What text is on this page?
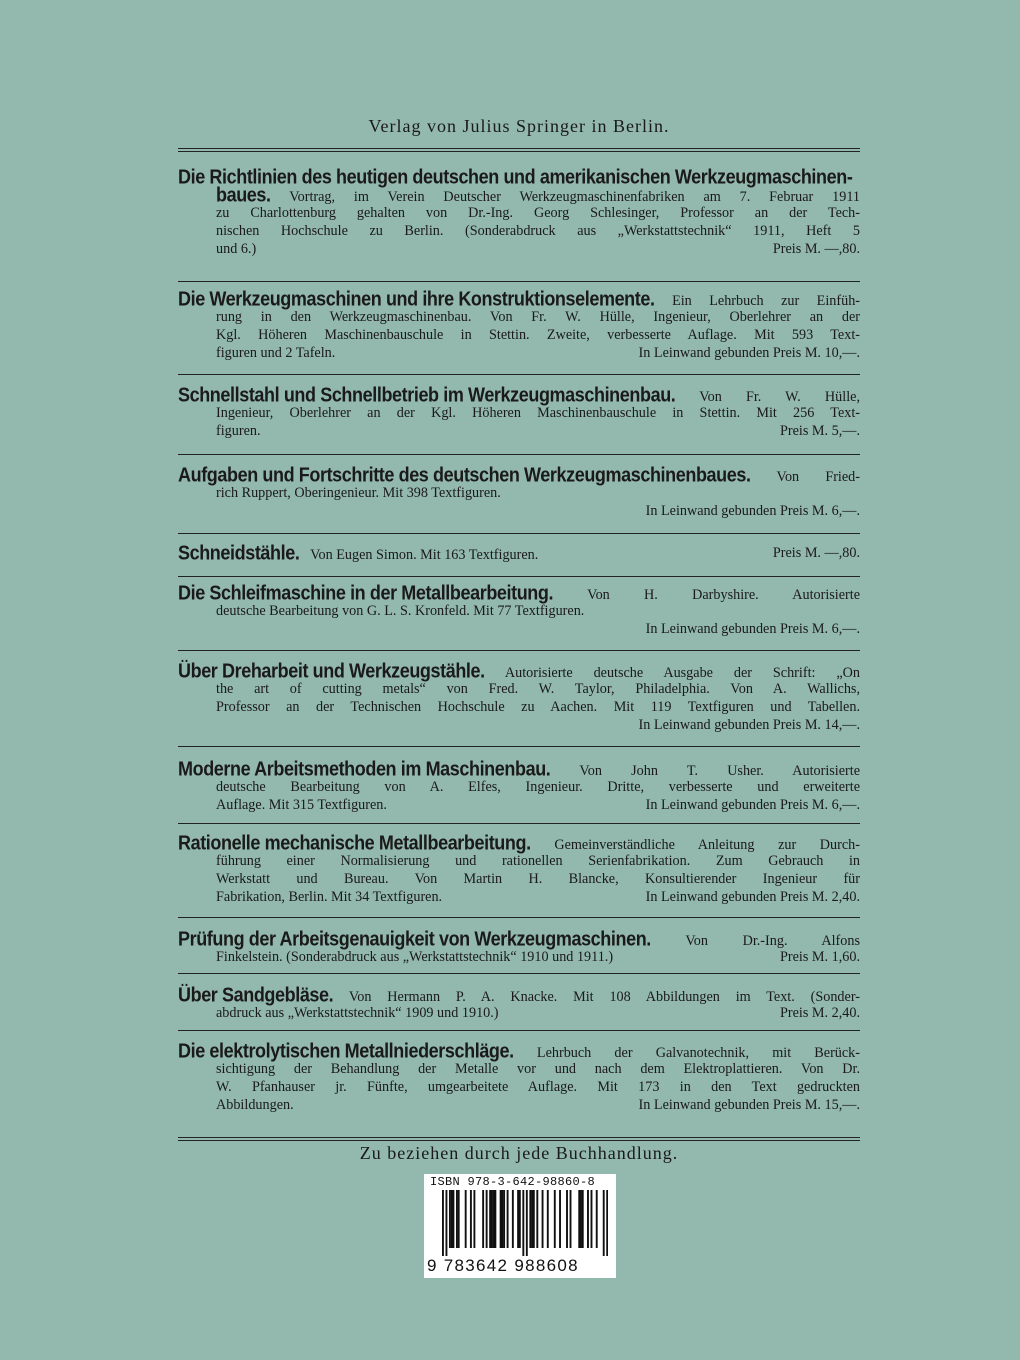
Verlag von Julius Springer in Berlin.
Die Richtlinien des heutigen deutschen und amerikanischen Werkzeugmaschinen-
baues. Vortrag, im Verein Deutscher Werkzeugmaschinenfabriken am 7. Februar 1911
zu Charlottenburg gehalten von Dr.-Ing. Georg Schlesinger, Professor an der Tech-
nischen Hochschule zu Berlin. (Sonderabdruck aus „Werkstattstechnik“ 1911, Heft 5
und 6.)	Preis M. —,80.
Die Werkzeugmaschinen und ihre Konstruktionselemente. Ein Lehrbuch zur Einfüh-
rung in den Werkzeugmaschinenbau. Von Fr. W. Hülle, Ingenieur, Oberlehrer an der
Kgl. Höheren Maschinenbauschule in Stettin. Zweite, verbesserte Auflage. Mit 593 Text-
figuren und 2 Tafeln.	In Leinwand gebunden Preis M. 10,—.
Schnellstahl und Schnellbetrieb im Werkzeugmaschinenbau. Von Fr. W. Hülle,
Ingenieur, Oberlehrer an der Kgl. Höheren Maschinenbauschule in Stettin. Mit 256 Text-
figuren.	Preis M. 5,—.
Aufgaben und Fortschritte des deutschen Werkzeugmaschinenbaues. Von Fried-
rich Ruppert, Oberingenieur. Mit 398 Textfiguren.
In Leinwand gebunden Preis M. 6,—.
Schneidstähle. Von Eugen Simon. Mit 163 Textfiguren.	Preis M. —,80.
Die Schleifmaschine in der Metallbearbeitung. Von H. Darbyshire. Autorisierte
deutsche Bearbeitung von G. L. S. Kronfeld. Mit 77 Textfiguren.
In Leinwand gebunden Preis M. 6,—.
Über Dreharbeit und Werkzeugstähle. Autorisierte deutsche Ausgabe der Schrift: „On
the art of cutting metals“ von Fred. W. Taylor, Philadelphia. Von A. Wallichs,
Professor an der Technischen Hochschule zu Aachen. Mit 119 Textfiguren und Tabellen.
In Leinwand gebunden Preis M. 14,—.
Moderne Arbeitsmethoden im Maschinenbau. Von John T. Usher. Autorisierte
deutsche Bearbeitung von A. Elfes, Ingenieur. Dritte, verbesserte und erweiterte
Auflage. Mit 315 Textfiguren.	In Leinwand gebunden Preis M. 6,—.
Rationelle mechanische Metallbearbeitung. Gemeinverständliche Anleitung zur Durch-
führung einer Normalisierung und rationellen Serienfabrikation. Zum Gebrauch in
Werkstatt und Bureau. Von Martin H. Blancke, Konsultierender Ingenieur für
Fabrikation, Berlin. Mit 34 Textfiguren.	In Leinwand gebunden Preis M. 2,40.
Prüfung der Arbeitsgenauigkeit von Werkzeugmaschinen. Von Dr.-Ing. Alfons
Finkelstein. (Sonderabdruck aus „Werkstattstechnik“ 1910 und 1911.)	Preis M. 1,60.
Über Sandgebläse. Von Hermann P. A. Knacke. Mit 108 Abbildungen im Text. (Sonder-
abdruck aus „Werkstattstechnik“ 1909 und 1910.)	Preis M. 2,40.
Die elektrolytischen Metallniederschläge. Lehrbuch der Galvanotechnik, mit Berück-
sichtigung der Behandlung der Metalle vor und nach dem Elektroplattieren. Von Dr.
W. Pfanhauser jr. Fünfte, umgearbeitete Auflage. Mit 173 in den Text gedruckten
Abbildungen.	In Leinwand gebunden Preis M. 15,—.
Zu beziehen durch jede Buchhandlung.
ISBN 978-3-642-98860-8
9 783642 988608
